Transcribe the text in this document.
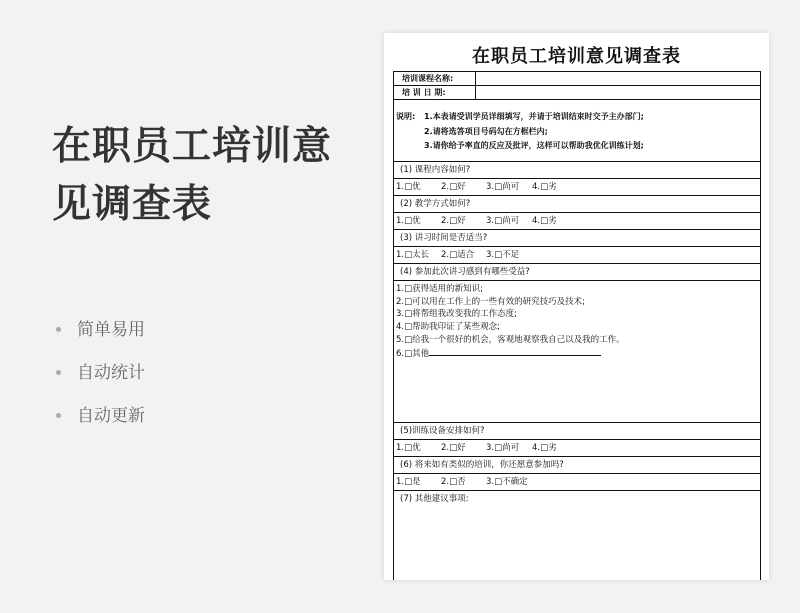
在职员工培训意见调查表
简单易用
自动统计
自动更新
在职员工培训意见调查表
培训课程名称:
培 训 日 期:
说明:	1.本表请受训学员详细填写，并请于培训结束时交予主办部门;
2.请将选答项目号码勾在方框栏内;
3.请你给予率直的反应及批评，这样可以帮助我优化训练计划;
(1) 课程内容如何?
1.□优	2.□好	3.□尚可	4.□劣
(2) 教学方式如何?
1.□优	2.□好	3.□尚可	4.□劣
(3) 讲习时间是否适当?
1.□太长	2.□适合	3.□不足
(4) 参加此次讲习感到有哪些受益?
1.□获得适用的新知识;
2.□可以用在工作上的一些有效的研究技巧及技术;
3.□将帮组我改变我的工作态度;
4.□帮助我印证了某些观念;
5.□给我一个很好的机会，客观地观察我自己以及我的工作。
6.□其他
(5)训练设备安排如何?
1.□优	2.□好	3.□尚可	4.□劣
(6) 将来如有类似的培训，你还愿意参加吗?
1.□是	2.□否	3.□不确定
(7) 其他建议事项:
